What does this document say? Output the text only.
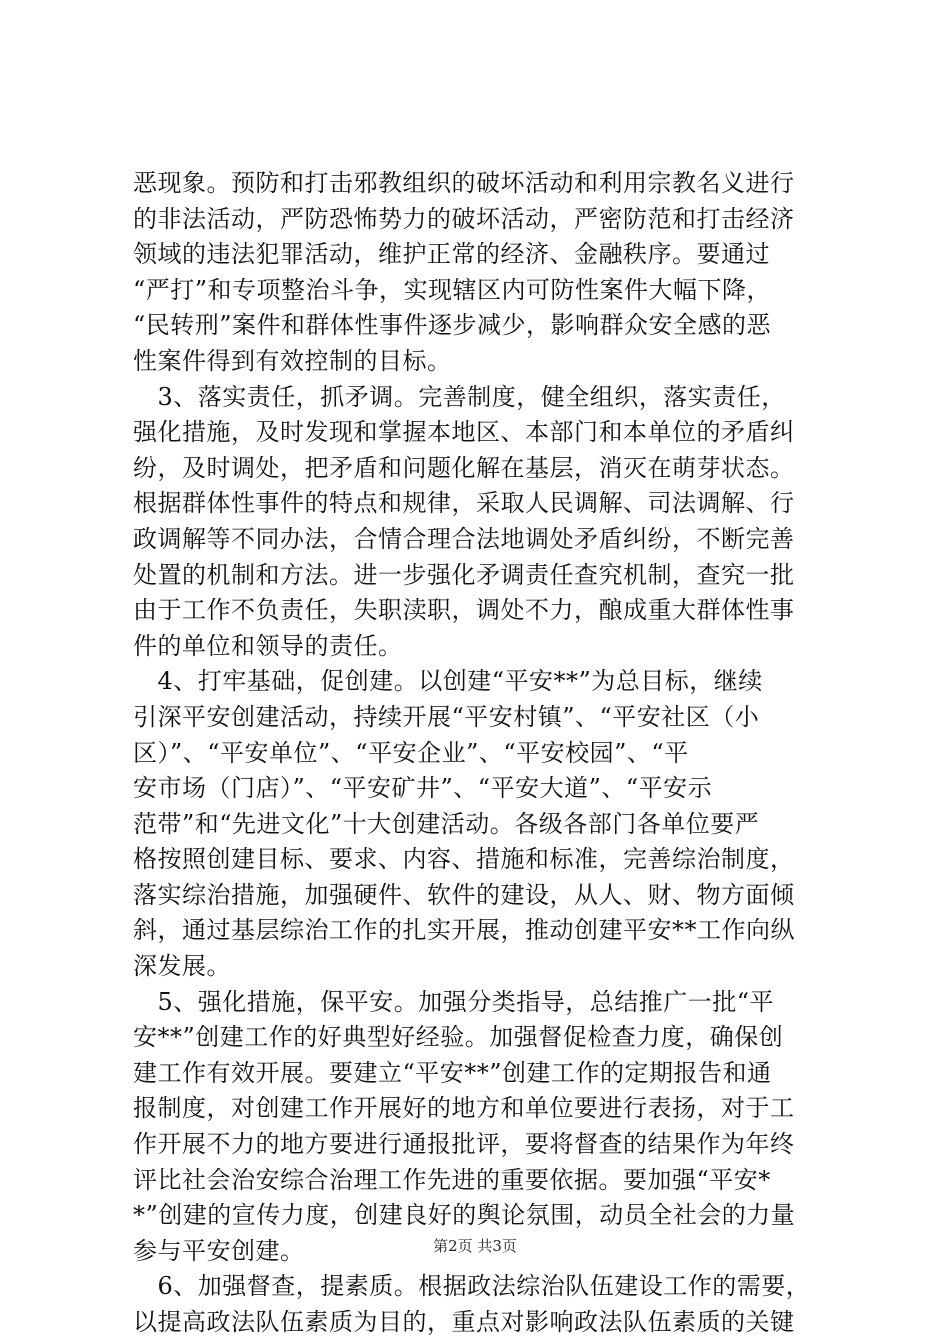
恶现象。预防和打击邪教组织的破坏活动和利用宗教名义进行
的非法活动，严防恐怖势力的破坏活动，严密防范和打击经济
领域的违法犯罪活动，维护正常的经济、金融秩序。要通过
“严打”和专项整治斗争，实现辖区内可防性案件大幅下降，
“民转刑”案件和群体性事件逐步减少，影响群众安全感的恶
性案件得到有效控制的目标。
　3、落实责任，抓矛调。完善制度，健全组织，落实责任，
强化措施，及时发现和掌握本地区、本部门和本单位的矛盾纠
纷，及时调处，把矛盾和问题化解在基层，消灭在萌芽状态。
根据群体性事件的特点和规律，采取人民调解、司法调解、行
政调解等不同办法，合情合理合法地调处矛盾纠纷，不断完善
处置的机制和方法。进一步强化矛调责任查究机制，查究一批
由于工作不负责任，失职渎职，调处不力，酿成重大群体性事
件的单位和领导的责任。
　4、打牢基础，促创建。以创建“平安**”为总目标，继续
引深平安创建活动，持续开展“平安村镇”、“平安社区（小
区）”、“平安单位”、“平安企业”、“平安校园”、“平
安市场（门店）”、“平安矿井”、“平安大道”、“平安示
范带”和“先进文化”十大创建活动。各级各部门各单位要严
格按照创建目标、要求、内容、措施和标准，完善综治制度，
落实综治措施，加强硬件、软件的建设，从人、财、物方面倾
斜，通过基层综治工作的扎实开展，推动创建平安**工作向纵
深发展。
　5、强化措施，保平安。加强分类指导，总结推广一批“平
安**”创建工作的好典型好经验。加强督促检查力度，确保创
建工作有效开展。要建立“平安**”创建工作的定期报告和通
报制度，对创建工作开展好的地方和单位要进行表扬，对于工
作开展不力的地方要进行通报批评，要将督查的结果作为年终
评比社会治安综合治理工作先进的重要依据。要加强“平安*
*”创建的宣传力度，创建良好的舆论氛围，动员全社会的力量
参与平安创建。
　6、加强督查，提素质。根据政法综治队伍建设工作的需要，
以提高政法队伍素质为目的，重点对影响政法队伍素质的关键
第2页 共3页
